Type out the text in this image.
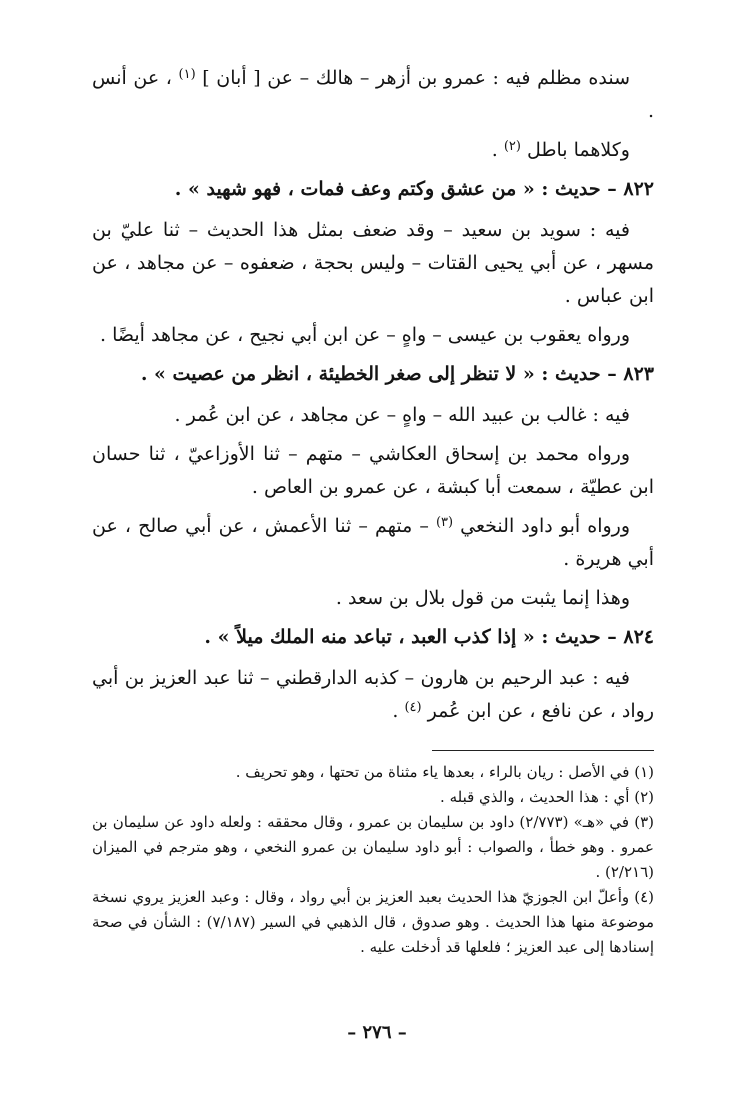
سنده مظلم فيه : عمرو بن أزهر – هالك – عن [ أبان ] $^{(١)}$ ، عن أنس .

وكلاهما باطل $^{(٢)}$ .

٨٢٢ – حديث : « من عشق وكتم وعف فمات ، فهو شهيد » .

فيه : سويد بن سعيد – وقد ضعف بمثل هذا الحديث – ثنا عليّ بن مسهر ، عن أبي يحيى القتات – وليس بحجة ، ضعفوه – عن مجاهد ، عن ابن عباس .

ورواه يعقوب بن عيسى – واهٍ – عن ابن أبي نجيح ، عن مجاهد أيضًا .

٨٢٣ – حديث : « لا تنظر إلى صغر الخطيئة ، انظر من عصيت » .

فيه : غالب بن عبيد الله – واهٍ – عن مجاهد ، عن ابن عُمر .

ورواه محمد بن إسحاق العكاشي – متهم – ثنا الأوزاعيّ ، ثنا حسان ابن عطيّة ، سمعت أبا كبشة ، عن عمرو بن العاص .

ورواه أبو داود النخعي $^{(٣)}$ – متهم – ثنا الأعمش ، عن أبي صالح ، عن أبي هريرة .

وهذا إنما يثبت من قول بلال بن سعد .

٨٢٤ – حديث : « إذا كذب العبد ، تباعد منه الملك ميلاً » .

فيه : عبد الرحيم بن هارون – كذبه الدارقطني – ثنا عبد العزيز بن أبي رواد ، عن نافع ، عن ابن عُمر $^{(٤)}$ .

(١) في الأصل : ريان بالراء ، بعدها ياء مثناة من تحتها ، وهو تحريف .

(٢) أي : هذا الحديث ، والذي قبله .

(٣) في «هـ» (٢/٧٧٣) داود بن سليمان بن عمرو ، وقال محققه : ولعله داود عن سليمان بن عمرو . وهو خطأ ، والصواب : أبو داود سليمان بن عمرو النخعي ، وهو مترجم في الميزان (٢/٢١٦) .

(٤) وأعلّ ابن الجوزيّ هذا الحديث بعبد العزيز بن أبي رواد ، وقال : وعبد العزيز يروي نسخة موضوعة منها هذا الحديث . وهو صدوق ، قال الذهبي في السير (٧/١٨٧) : الشأن في صحة إسنادها إلى عبد العزيز ؛ فلعلها قد أدخلت عليه .

– ٢٧٦ –
